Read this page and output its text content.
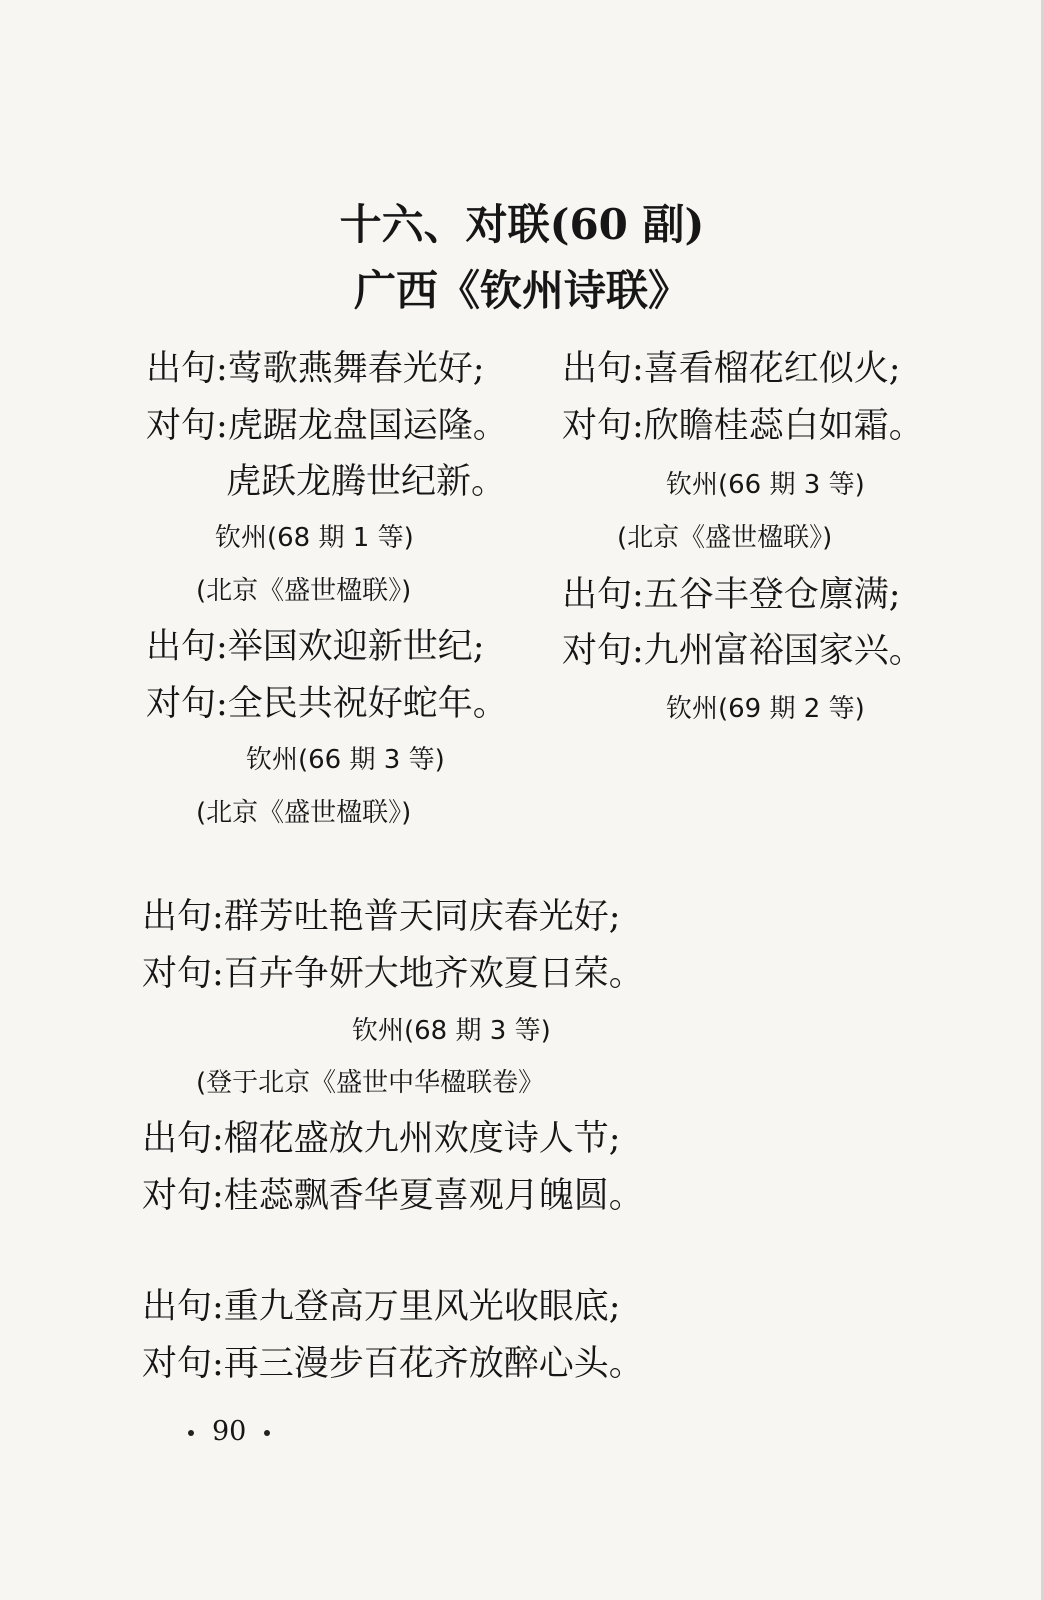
十六、对联(60 副)
广西《钦州诗联》
出句:莺歌燕舞春光好;
对句:虎踞龙盘国运隆。
虎跃龙腾世纪新。
钦州(68 期 1 等)
(北京《盛世楹联》)
出句:举国欢迎新世纪;
对句:全民共祝好蛇年。
钦州(66 期 3 等)
(北京《盛世楹联》)
出句:喜看榴花红似火;
对句:欣瞻桂蕊白如霜。
钦州(66 期 3 等)
(北京《盛世楹联》)
出句:五谷丰登仓廪满;
对句:九州富裕国家兴。
钦州(69 期 2 等)
出句:群芳吐艳普天同庆春光好;
对句:百卉争妍大地齐欢夏日荣。
钦州(68 期 3 等)
(登于北京《盛世中华楹联卷》
出句:榴花盛放九州欢度诗人节;
对句:桂蕊飘香华夏喜观月魄圆。
出句:重九登高万里风光收眼底;
对句:再三漫步百花齐放醉心头。
90
